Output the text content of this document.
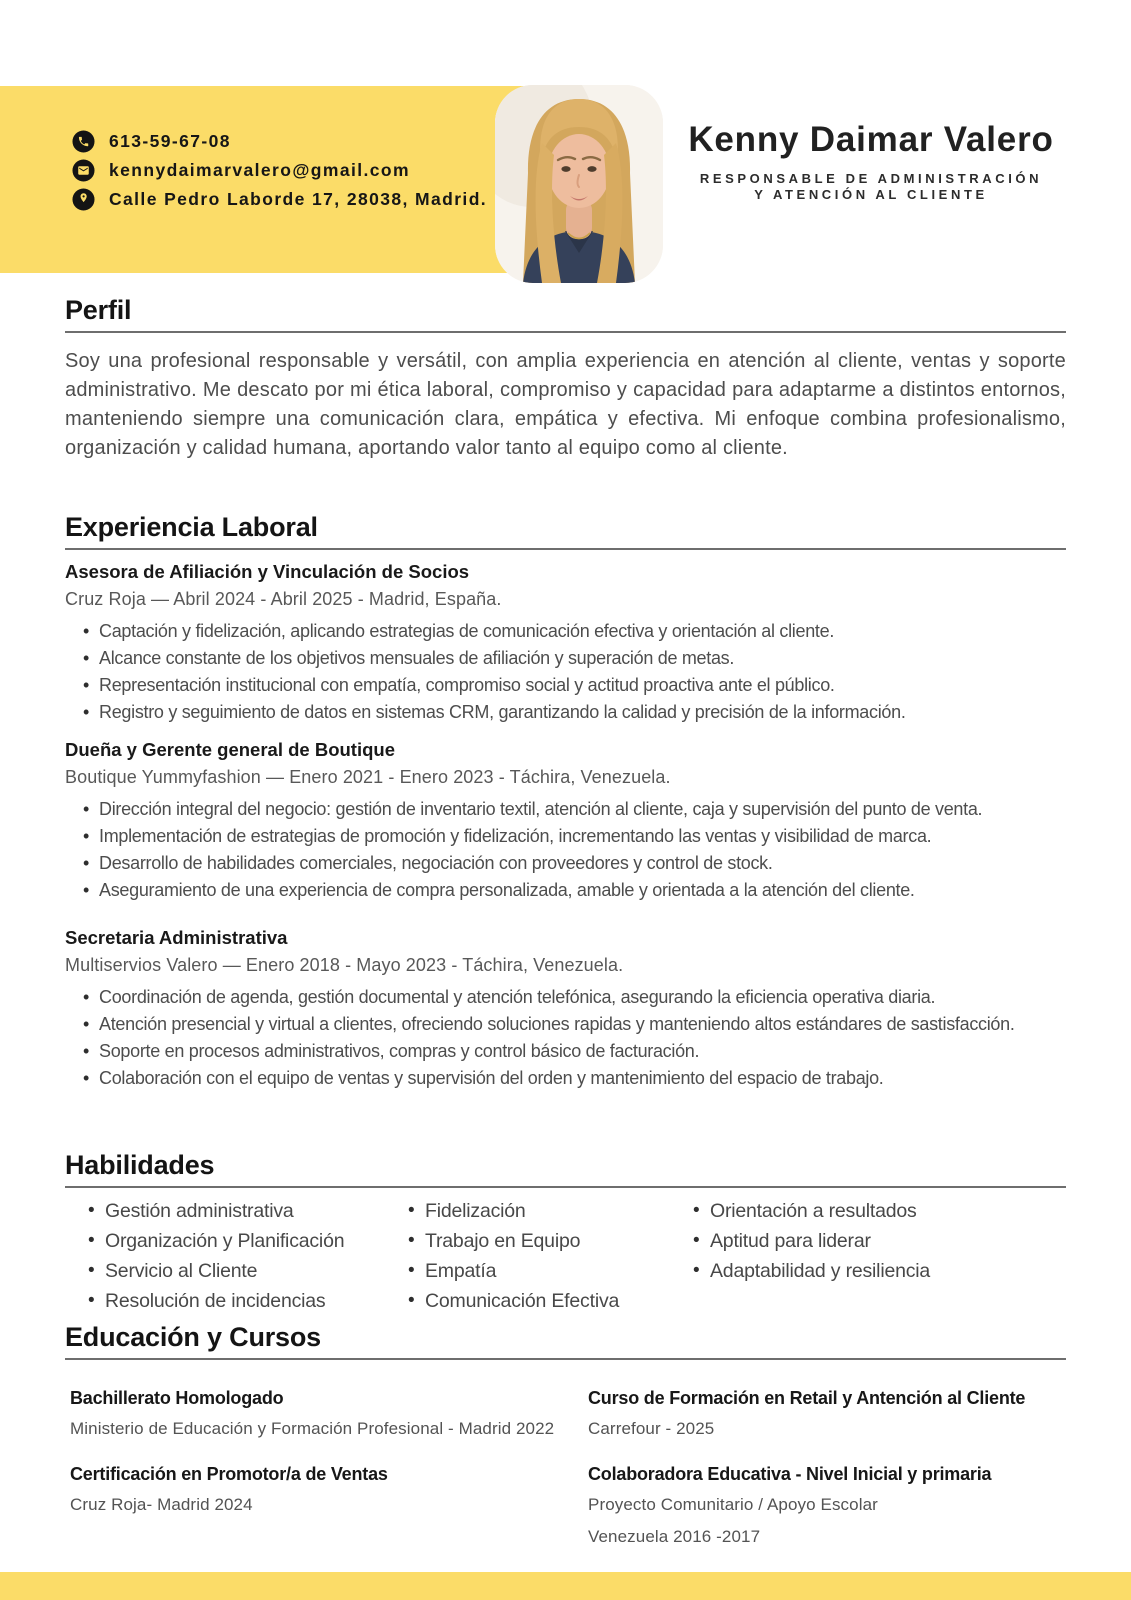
613-59-67-08
kennydaimarvalero@gmail.com
Calle Pedro Laborde 17, 28038, Madrid.
Kenny Daimar Valero
RESPONSABLE DE ADMINISTRACIÓN
Y ATENCIÓN AL CLIENTE
Perfil

Soy una profesional responsable y versátil, con amplia experiencia en atención al cliente, ventas y soporte administrativo. Me descato por mi ética laboral, compromiso y capacidad para adaptarme a distintos entornos, manteniendo siempre una comunicación clara, empática y efectiva. Mi enfoque combina profesionalismo, organización y calidad humana, aportando valor tanto al equipo como al cliente.

Experiencia Laboral
Asesora de Afiliación y Vinculación de Socios
Cruz Roja — Abril 2024 - Abril 2025 - Madrid, España.
• Captación y fidelización, aplicando estrategias de comunicación efectiva y orientación al cliente.
• Alcance constante de los objetivos mensuales de afiliación y superación de metas.
• Representación institucional con empatía, compromiso social y actitud proactiva ante el público.
• Registro y seguimiento de datos en sistemas CRM, garantizando la calidad y precisión de la información.
Dueña y Gerente general de Boutique
Boutique Yummyfashion — Enero 2021 - Enero 2023 - Táchira, Venezuela.
• Dirección integral del negocio: gestión de inventario textil, atención al cliente, caja y supervisión del punto de venta.
• Implementación de estrategias de promoción y fidelización, incrementando las ventas y visibilidad de marca.
• Desarrollo de habilidades comerciales, negociación con proveedores y control de stock.
• Aseguramiento de una experiencia de compra personalizada, amable y orientada a la atención del cliente.
Secretaria Administrativa
Multiservios Valero — Enero 2018 - Mayo 2023 - Táchira, Venezuela.
• Coordinación de agenda, gestión documental y atención telefónica, asegurando la eficiencia operativa diaria.
• Atención presencial y virtual a clientes, ofreciendo soluciones rapidas y manteniendo altos estándares de sastisfacción.
• Soporte en procesos administrativos, compras y control básico de facturación.
• Colaboración con el equipo de ventas y supervisión del orden y mantenimiento del espacio de trabajo.
Habilidades
• Gestión administrativa
• Organización y Planificación
• Servicio al Cliente
• Resolución de incidencias
• Fidelización
• Trabajo en Equipo
• Empatía
• Comunicación Efectiva
• Orientación a resultados
• Aptitud para liderar
• Adaptabilidad y resiliencia
Educación y Cursos
Bachillerato Homologado
Ministerio de Educación y Formación Profesional - Madrid 2022
Certificación en Promotor/a de Ventas
Cruz Roja- Madrid 2024
Curso de Formación en Retail y Antención al Cliente
Carrefour - 2025
Colaboradora Educativa - Nivel Inicial y primaria
Proyecto Comunitario / Apoyo Escolar
Venezuela 2016 -2017
